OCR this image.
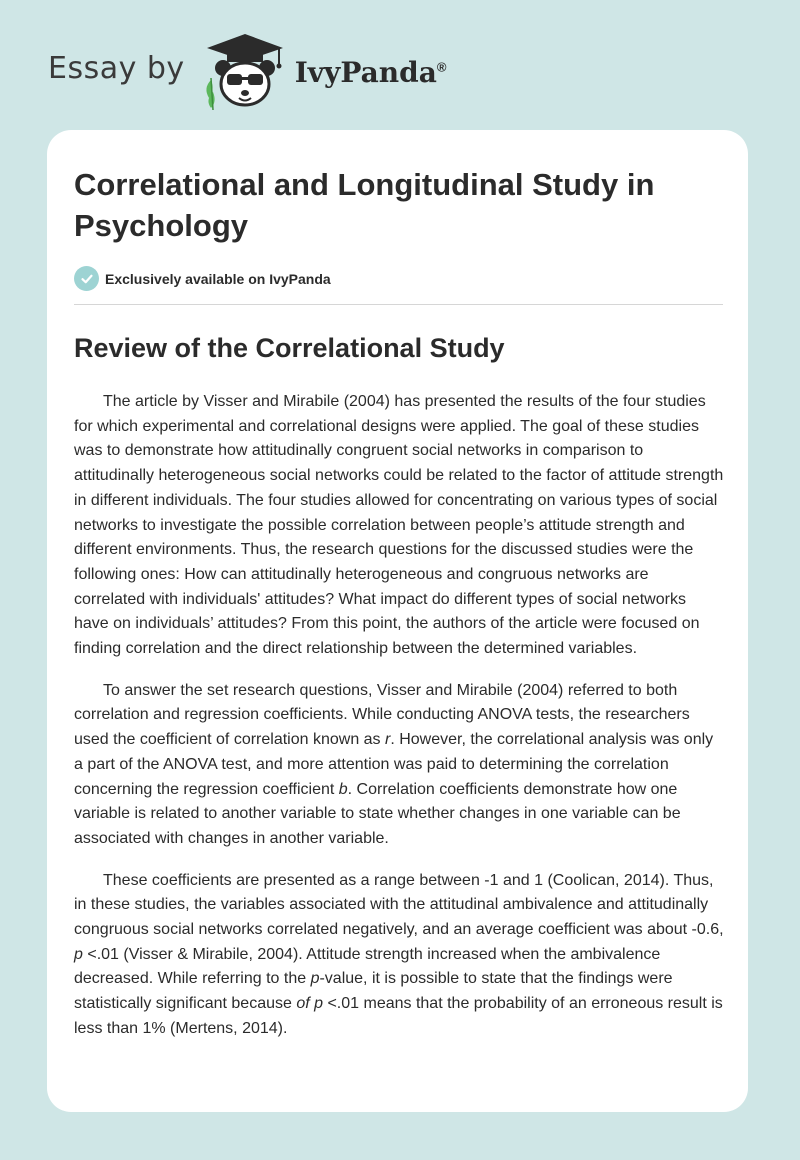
Essay by	IvyPanda®
Correlational and Longitudinal Study in Psychology
Exclusively available on IvyPanda
Review of the Correlational Study

The article by Visser and Mirabile (2004) has presented the results of the four studies for which experimental and correlational designs were applied. The goal of these studies was to demonstrate how attitudinally congruent social networks in comparison to attitudinally heterogeneous social networks could be related to the factor of attitude strength in different individuals. The four studies allowed for concentrating on various types of social networks to investigate the possible correlation between people’s attitude strength and different environments. Thus, the research questions for the discussed studies were the following ones: How can attitudinally heterogeneous and congruous networks are correlated with individuals' attitudes? What impact do different types of social networks have on individuals’ attitudes? From this point, the authors of the article were focused on finding correlation and the direct relationship between the determined variables.

To answer the set research questions, Visser and Mirabile (2004) referred to both correlation and regression coefficients. While conducting ANOVA tests, the researchers used the coefficient of correlation known as r. However, the correlational analysis was only a part of the ANOVA test, and more attention was paid to determining the correlation concerning the regression coefficient b. Correlation coefficients demonstrate how one variable is related to another variable to state whether changes in one variable can be associated with changes in another variable.

These coefficients are presented as a range between -1 and 1 (Coolican, 2014). Thus, in these studies, the variables associated with the attitudinal ambivalence and attitudinally congruous social networks correlated negatively, and an average coefficient was about -0.6, p <.01 (Visser & Mirabile, 2004). Attitude strength increased when the ambivalence decreased. While referring to the p-value, it is possible to state that the findings were statistically significant because of p <.01 means that the probability of an erroneous result is less than 1% (Mertens, 2014).
